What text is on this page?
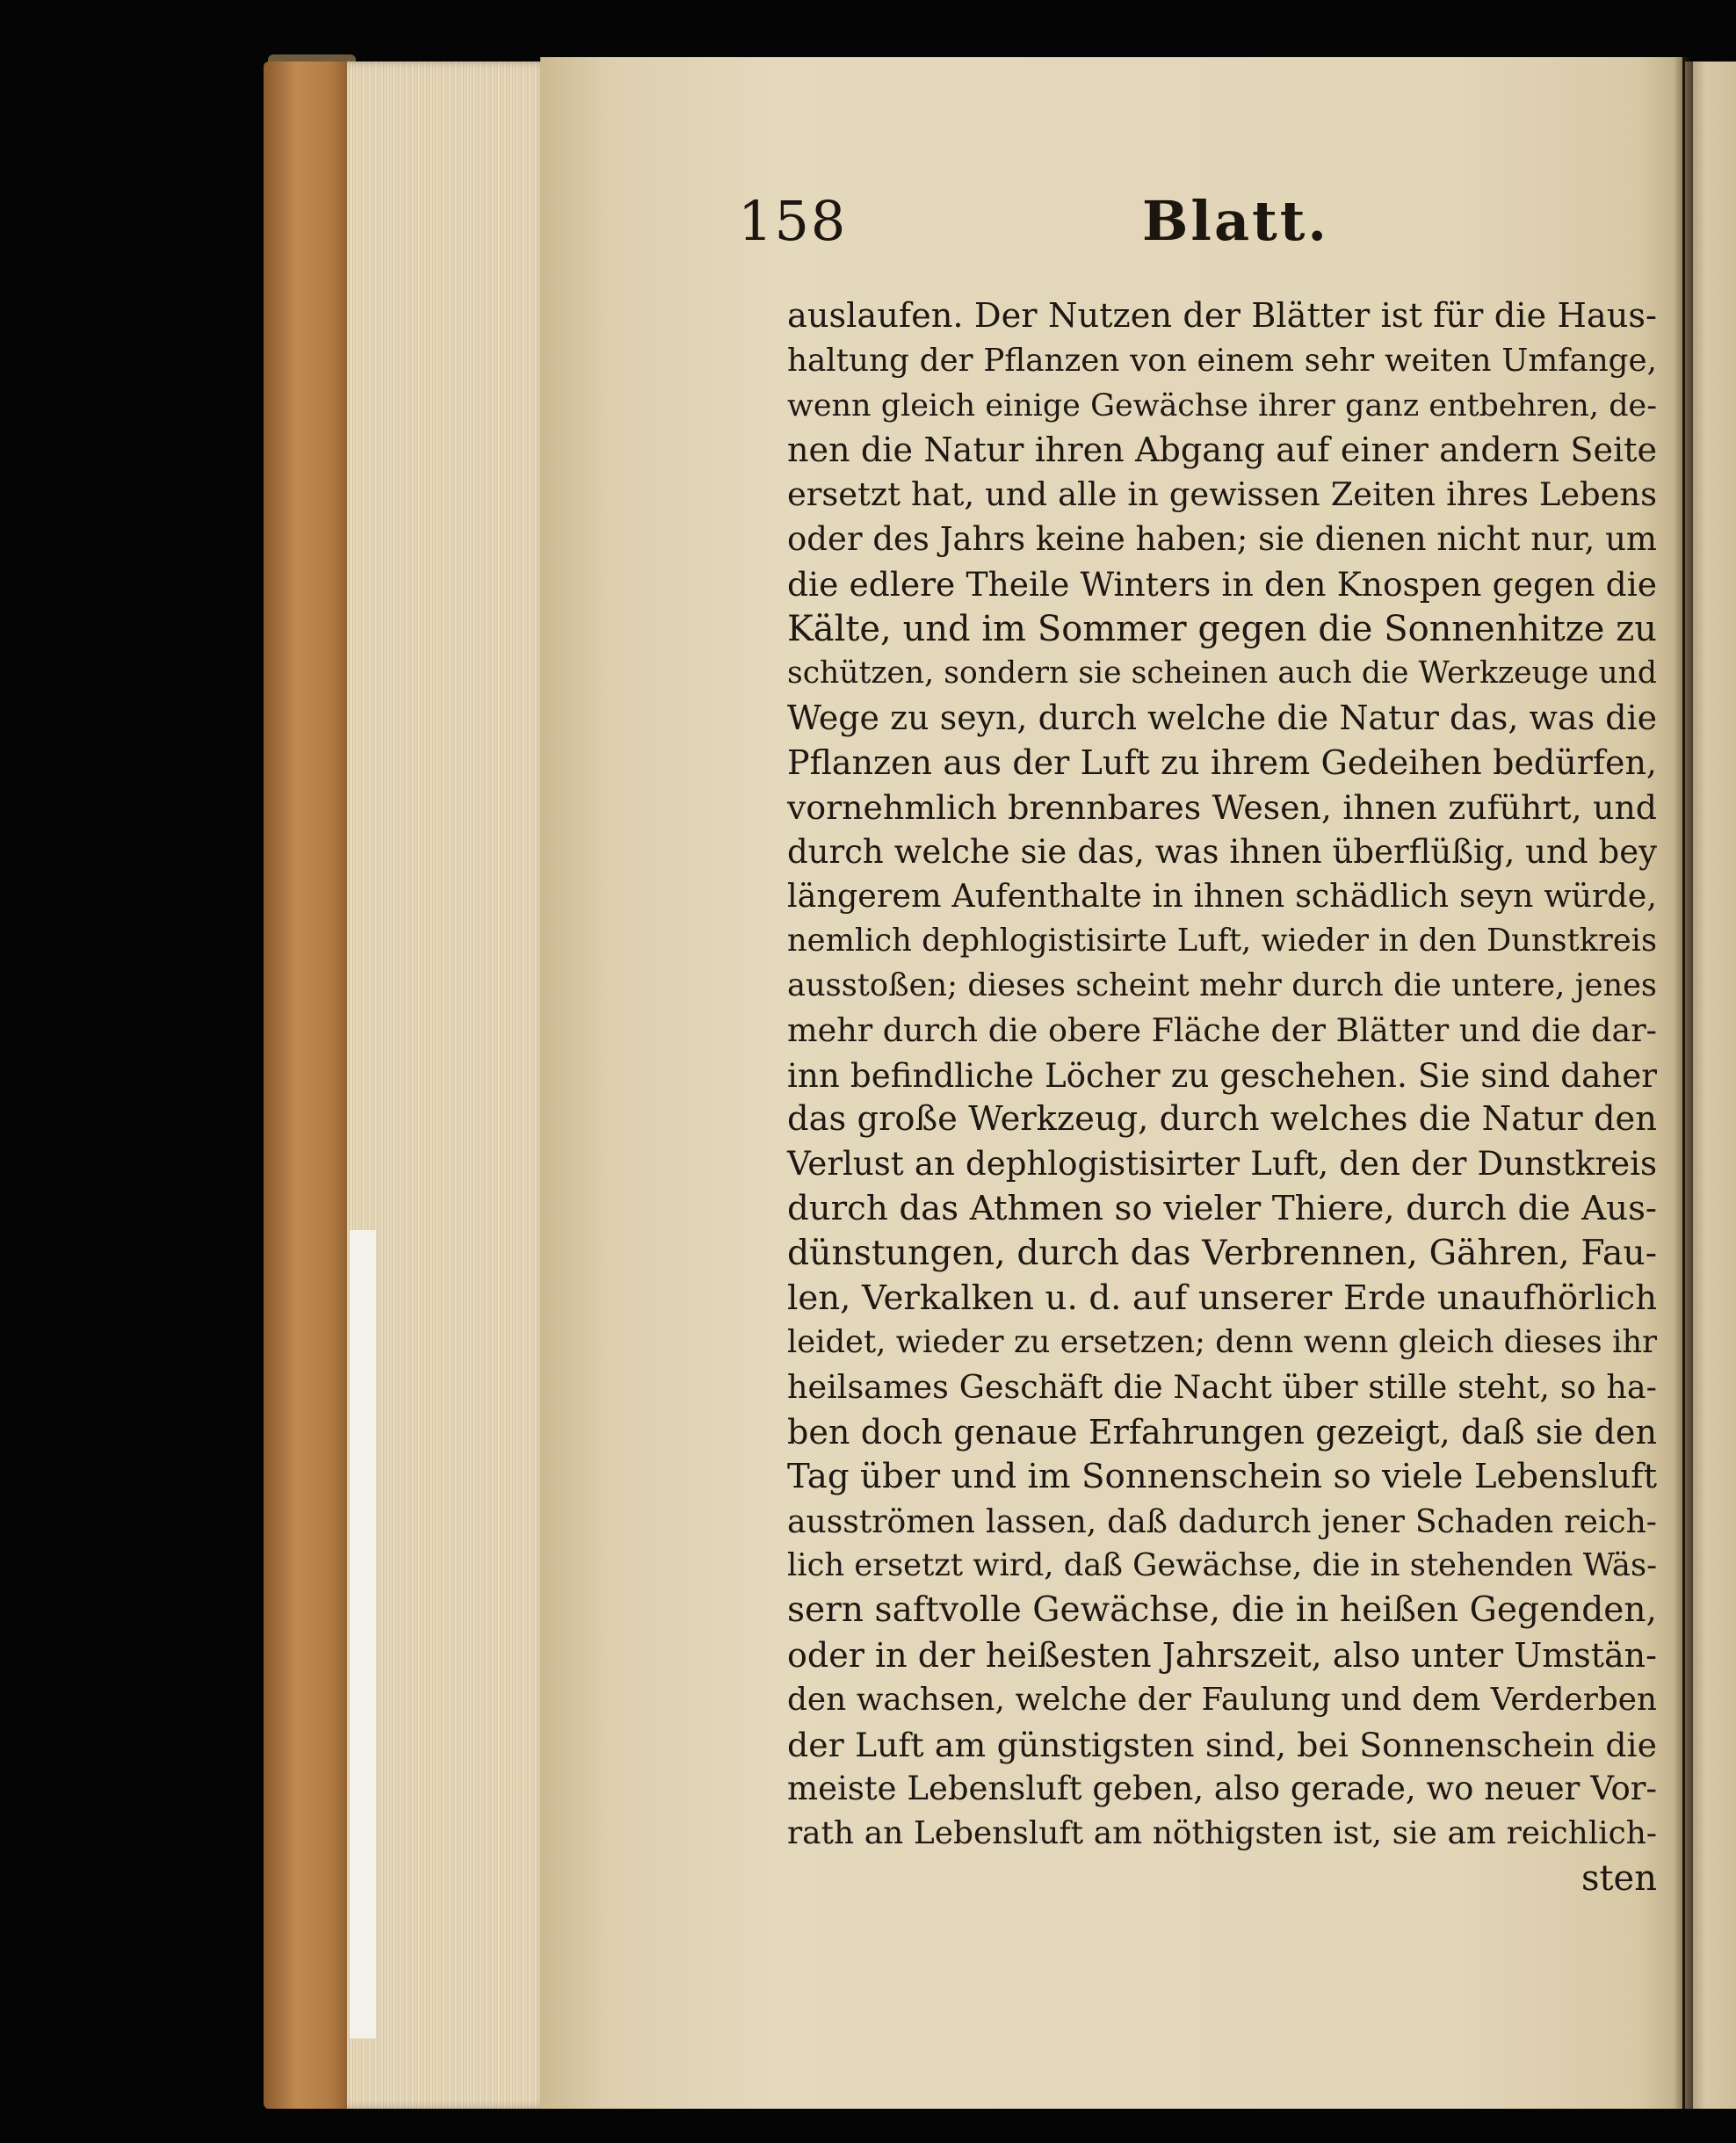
158	Blatt.
auslaufen. Der Nutzen der Blätter ist für die Haus-
haltung der Pflanzen von einem sehr weiten Umfange,
wenn gleich einige Gewächse ihrer ganz entbehren, de-
nen die Natur ihren Abgang auf einer andern Seite
ersetzt hat, und alle in gewissen Zeiten ihres Lebens
oder des Jahrs keine haben; sie dienen nicht nur, um
die edlere Theile Winters in den Knospen gegen die
Kälte, und im Sommer gegen die Sonnenhitze zu
schützen, sondern sie scheinen auch die Werkzeuge und
Wege zu seyn, durch welche die Natur das, was die
Pflanzen aus der Luft zu ihrem Gedeihen bedürfen,
vornehmlich brennbares Wesen, ihnen zuführt, und
durch welche sie das, was ihnen überflüßig, und bey
längerem Aufenthalte in ihnen schädlich seyn würde,
nemlich dephlogistisirte Luft, wieder in den Dunstkreis
ausstoßen; dieses scheint mehr durch die untere, jenes
mehr durch die obere Fläche der Blätter und die dar-
inn befindliche Löcher zu geschehen. Sie sind daher
das große Werkzeug, durch welches die Natur den
Verlust an dephlogistisirter Luft, den der Dunstkreis
durch das Athmen so vieler Thiere, durch die Aus-
dünstungen, durch das Verbrennen, Gähren, Fau-
len, Verkalken u. d. auf unserer Erde unaufhörlich
leidet, wieder zu ersetzen; denn wenn gleich dieses ihr
heilsames Geschäft die Nacht über stille steht, so ha-
ben doch genaue Erfahrungen gezeigt, daß sie den
Tag über und im Sonnenschein so viele Lebensluft
ausströmen lassen, daß dadurch jener Schaden reich-
lich ersetzt wird, daß Gewächse, die in stehenden Wäs-
sern saftvolle Gewächse, die in heißen Gegenden,
oder in der heißesten Jahrszeit, also unter Umstän-
den wachsen, welche der Faulung und dem Verderben
der Luft am günstigsten sind, bei Sonnenschein die
meiste Lebensluft geben, also gerade, wo neuer Vor-
rath an Lebensluft am nöthigsten ist, sie am reichlich-
sten
